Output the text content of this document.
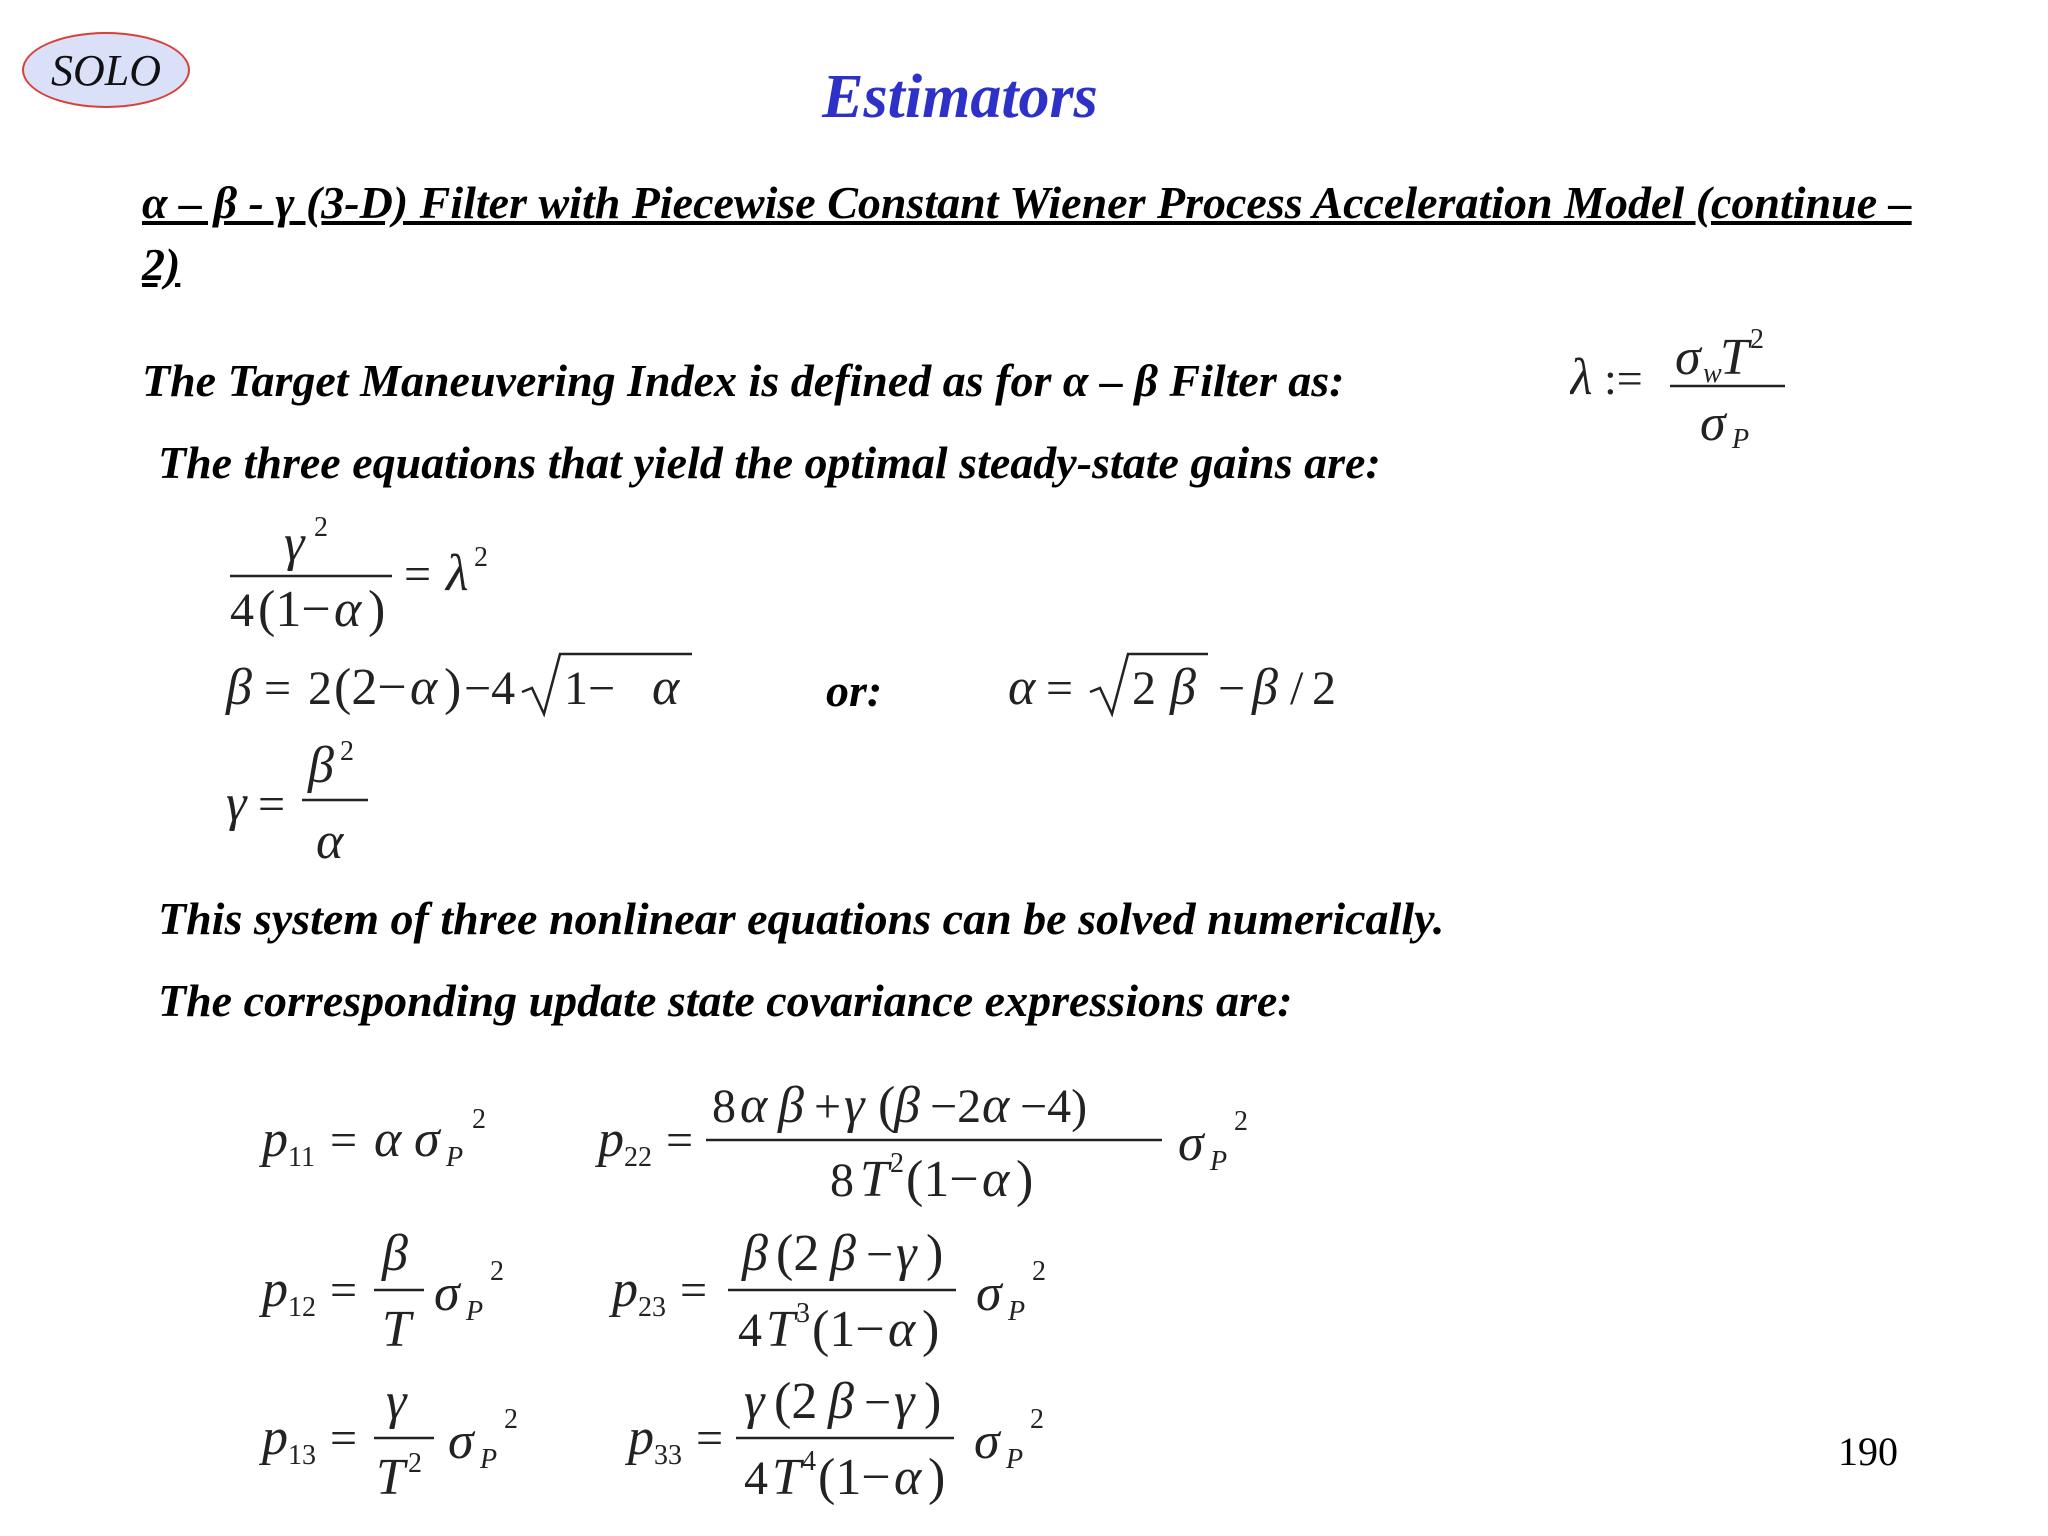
SOLO	Estimators
α – β - γ (3-D) Filter with Piecewise Constant Wiener Process Acceleration Model (continue – 2)
The Target Maneuvering Index is defined as for α – β Filter as:	λ := σ w
T 2
σ P
The three equations that yield the optimal steady-state gains are:
γ 2
4 (1− α )
= λ 2
β = 2 (2− α ) −4 1− α	or: α = 2 β − β / 2
γ =
β 2
α
This system of three nonlinear equations can be solved numerically.
The corresponding update state covariance expressions are:
p 11 = α σ P
2 p 22 =
8 α β + γ (
β −2 α −4)
8 T 2 (1− α )
σ P
2
p 12 =
β
T
σ P
2 p 23 =
β (2 β − γ )
4 T 3 (1− α )
σ P
2
p 13 =
γ
T 2 σ P
2 p 33 =
γ (2 β − γ )
4 T 4 (1− α )
σ P
2
190
